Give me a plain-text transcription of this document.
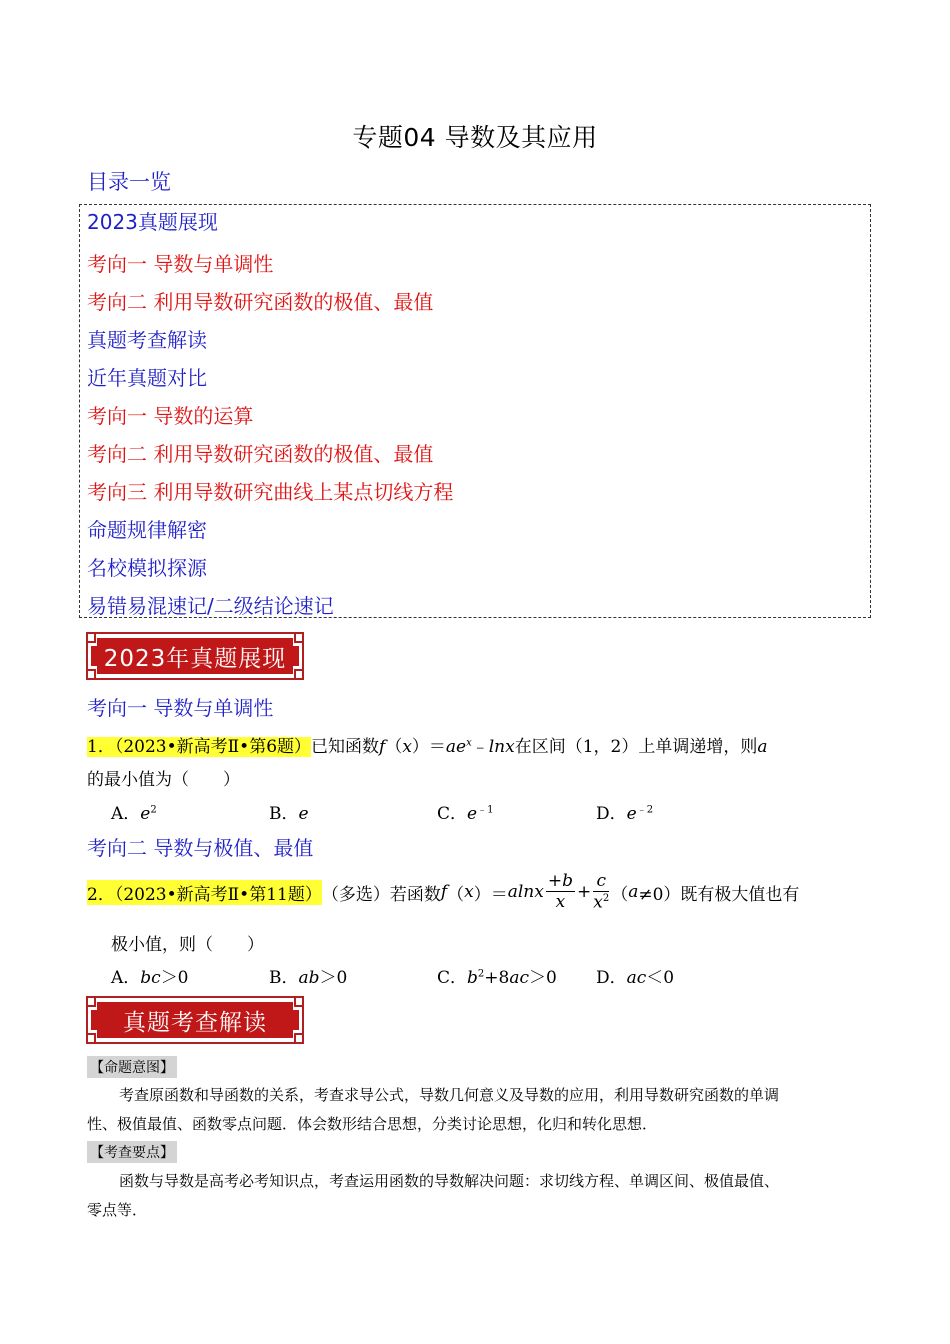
专题04 导数及其应用
目录一览
2023真题展现
考向一 导数与单调性
考向二 利用导数研究函数的极值、最值
真题考查解读
近年真题对比
考向一 导数的运算
考向二 利用导数研究函数的极值、最值
考向三 利用导数研究曲线上某点切线方程
命题规律解密
名校模拟探源
易错易混速记/二级结论速记
2023年真题展现
考向一 导数与单调性
1．（2023•新高考Ⅱ•第6题）已知函数$f(x)=ae^x﹣\ln x$在区间（1，2）上单调递增，则a
的最小值为（　　）
A．$e^2$	B．e	C．$e^{﹣1}$	D．$e^{﹣2}$
考向二 导数与极值、最值
2．（2023•新高考Ⅱ•第11题） （多选）若函数 f （ x ）＝ alnx $\frac{+b}{x} + \frac{c}{x^2}$ （ a ≠0）既有极大值也有
极小值，则（　　）
A．bc＞0	B．ab＞0	C．$b^2+8ac>0$ D．ac＜0
真题考查解读
【命题意图】
考查原函数和导函数的关系，考查求导公式，导数几何意义及导数的应用，利用导数研究函数的单调
性、极值最值、函数零点问题．体会数形结合思想，分类讨论思想，化归和转化思想．
【考查要点】
函数与导数是高考必考知识点，考查运用函数的导数解决问题：求切线方程、单调区间、极值最值、
零点等．
